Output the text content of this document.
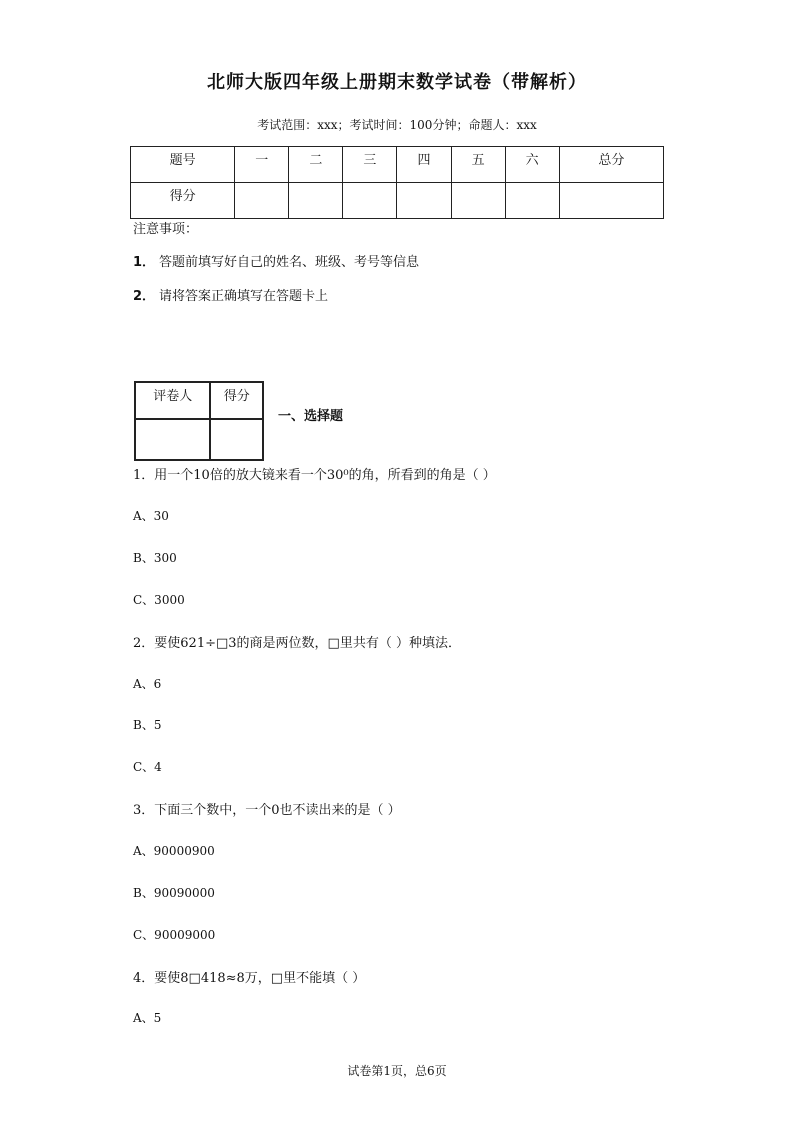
北师大版四年级上册期末数学试卷（带解析）
考试范围：xxx；考试时间：100分钟；命题人：xxx
题号	一	二	三	四	五	六	总分
得分							
注意事项：
1． 答题前填写好自己的姓名、班级、考号等信息
2． 请将答案正确填写在答题卡上
评卷人	得分

一、选择题
1．用一个10倍的放大镜来看一个30⁰的角，所看到的角是（ ）
A、30
B、300
C、3000
2．要使621÷□3的商是两位数，□里共有（ ）种填法．
A、6
B、5
C、4
3．下面三个数中，一个0也不读出来的是（ ）
A、90000900
B、90090000
C、90009000
4．要使8□418≈8万，□里不能填（ ）
A、5
试卷第1页，总6页
